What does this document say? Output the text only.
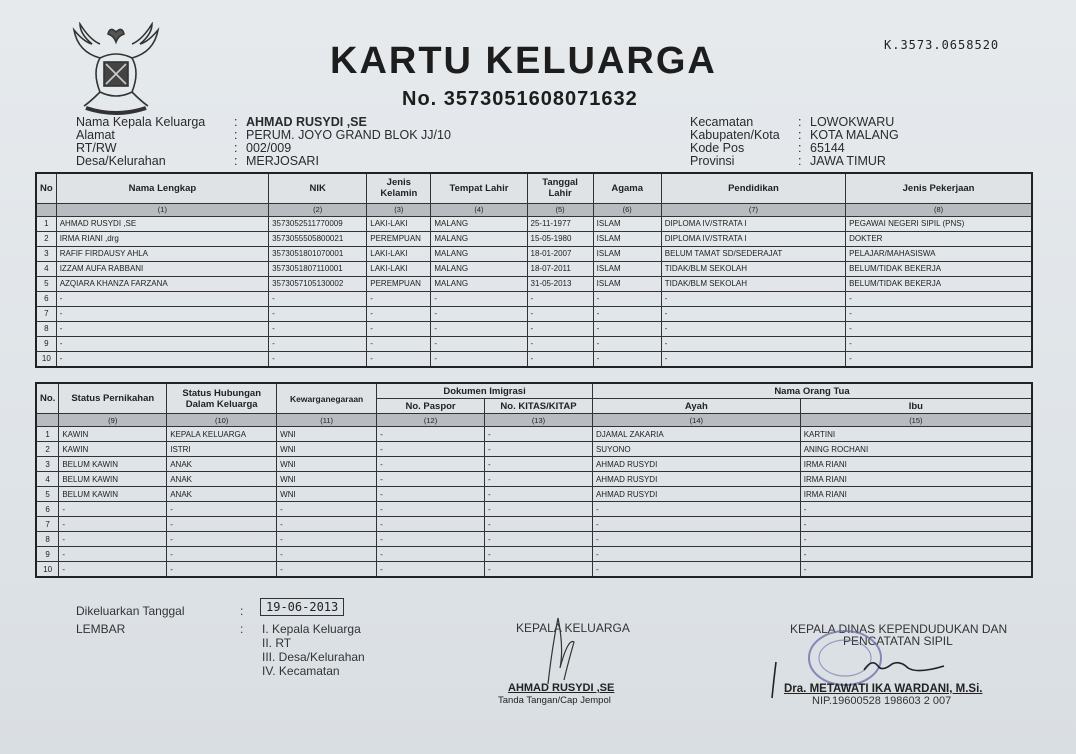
K.3573.0658520
KARTU KELUARGA
No. 3573051608071632
Nama Kepala Keluarga : AHMAD RUSYDI ,SE
Alamat	: PERUM. JOYO GRAND BLOK JJ/10
RT/RW	: 002/009
Desa/Kelurahan	: MERJOSARI
Kecamatan	: LOWOKWARU
Kabupaten/Kota : KOTA MALANG
Kode Pos	: 65144
Provinsi	: JAWA TIMUR
No	Nama Lengkap	NIK	Jenis Kelamin	Tempat Lahir	Tanggal Lahir	Agama	Pendidikan	Jenis Pekerjaan
	(1)	(2)	(3)	(4)	(5)	(6)	(7)	(8)
1	AHMAD RUSYDI ,SE	3573052511770009	LAKI-LAKI	MALANG	25-11-1977	ISLAM	DIPLOMA IV/STRATA I	PEGAWAI NEGERI SIPIL (PNS)
2	IRMA RIANI ,drg	3573055505800021	PEREMPUAN	MALANG	15-05-1980	ISLAM	DIPLOMA IV/STRATA I	DOKTER
3	RAFIF FIRDAUSY AHLA	3573051801070001	LAKI-LAKI	MALANG	18-01-2007	ISLAM	BELUM TAMAT SD/SEDERAJAT	PELAJAR/MAHASISWA
4	IZZAM AUFA RABBANI	3573051807110001	LAKI-LAKI	MALANG	18-07-2011	ISLAM	TIDAK/BLM SEKOLAH	BELUM/TIDAK BEKERJA
5	AZQIARA KHANZA FARZANA	3573057105130002	PEREMPUAN	MALANG	31-05-2013	ISLAM	TIDAK/BLM SEKOLAH	BELUM/TIDAK BEKERJA
6	-	-	-	-	-	-	-	-
7	-	-	-	-	-	-	-	-
8	-	-	-	-	-	-	-	-
9	-	-	-	-	-	-	-	-
10	-	-	-	-	-	-	-	-
No.	Status Pernikahan	Status Hubungan Dalam Keluarga	Kewarganegaraan	Dokumen Imigrasi		Nama Orang Tua	
				No. Paspor	No. KITAS/KITAP	Ayah	Ibu
	(9)	(10)	(11)	(12)	(13)	(14)	(15)
1	KAWIN	KEPALA KELUARGA	WNI	-	-	DJAMAL ZAKARIA	KARTINI
2	KAWIN	ISTRI	WNI	-	-	SUYONO	ANING ROCHANI
3	BELUM KAWIN	ANAK	WNI	-	-	AHMAD RUSYDI	IRMA RIANI
4	BELUM KAWIN	ANAK	WNI	-	-	AHMAD RUSYDI	IRMA RIANI
5	BELUM KAWIN	ANAK	WNI	-	-	AHMAD RUSYDI	IRMA RIANI
6	-	-	-	-	-	-	-
7	-	-	-	-	-	-	-
8	-	-	-	-	-	-	-
9	-	-	-	-	-	-	-
10	-	-	-	-	-	-	-
Dikeluarkan Tanggal	:	19-06-2013
LEMBAR	: I. Kepala Keluarga
II. RT
III. Desa/Kelurahan
IV. Kecamatan
KEPALA KELUARGA
AHMAD RUSYDI ,SE
Tanda Tangan/Cap Jempol
KEPALA DINAS KEPENDUDUKAN DAN
PENCATATAN SIPIL
Dra. METAWATI IKA WARDANI, M.Si.
NIP.19600528 198603 2 007
